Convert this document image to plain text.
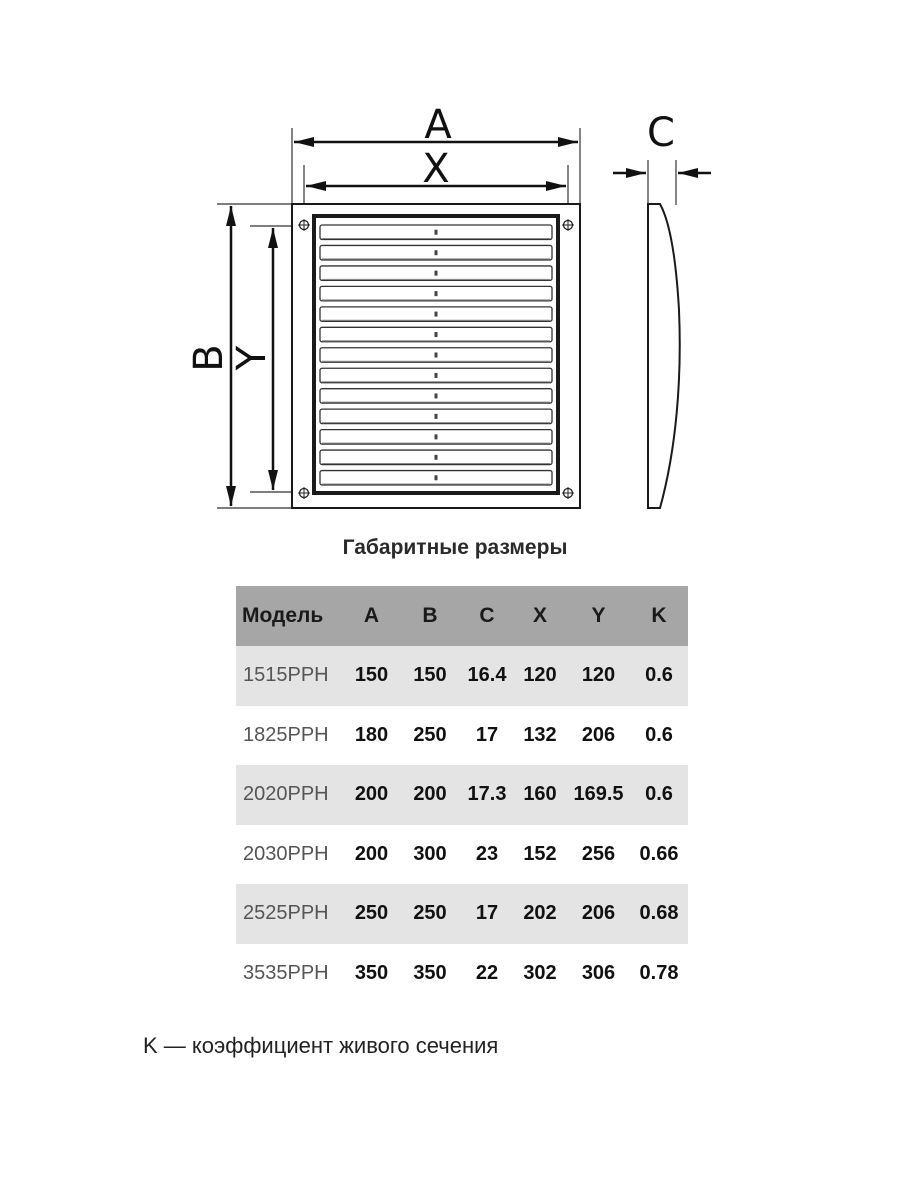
A
X
B
Y
C
Габаритные размеры
Модель	A	B	C	X	Y	K
1515PPH	150	150	16.4	120	120	0.6
1825PPH	180	250	17	132	206	0.6
2020PPH	200	200	17.3	160	169.5	0.6
2030PPH	200	300	23	152	256	0.66
2525PPH	250	250	17	202	206	0.68
3535PPH	350	350	22	302	306	0.78
K — коэффициент живого сечения
